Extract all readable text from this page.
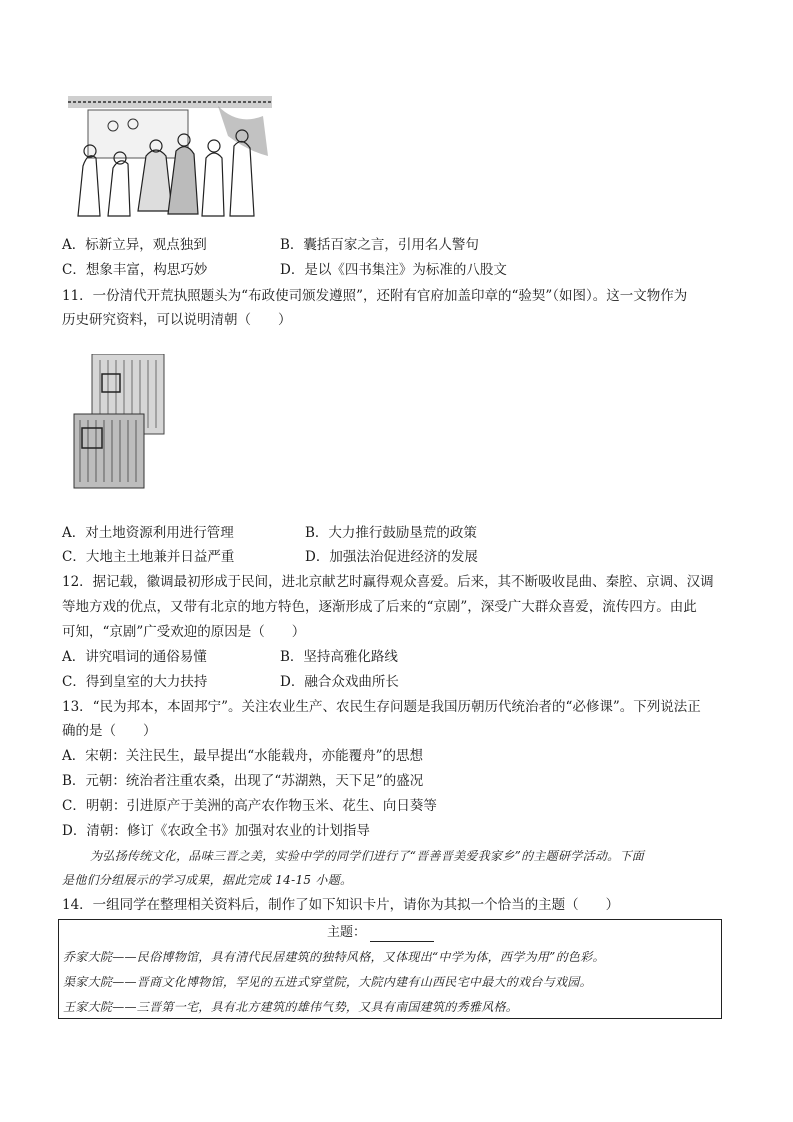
A．标新立异，观点独到	B．囊括百家之言，引用名人警句
C．想象丰富，构思巧妙	D．是以《四书集注》为标准的八股文
11．一份清代开荒执照题头为“布政使司颁发遵照”，还附有官府加盖印章的“验契”（如图）。这一文物作为
历史研究资料，可以说明清朝（　　）
A．对土地资源利用进行管理	B．大力推行鼓励垦荒的政策
C．大地主土地兼并日益严重	D．加强法治促进经济的发展
12．据记载，徽调最初形成于民间，进北京献艺时赢得观众喜爱。后来，其不断吸收昆曲、秦腔、京调、汉调
等地方戏的优点，又带有北京的地方特色，逐渐形成了后来的“京剧”，深受广大群众喜爱，流传四方。由此
可知，“京剧”广受欢迎的原因是（　　）
A．讲究唱词的通俗易懂	B．坚持高雅化路线
C．得到皇室的大力扶持	D．融合众戏曲所长
13．“民为邦本，本固邦宁”。关注农业生产、农民生存问题是我国历朝历代统治者的“必修课”。下列说法正
确的是（　　）
A．宋朝：关注民生，最早提出“水能载舟，亦能覆舟”的思想
B．元朝：统治者注重农桑，出现了“苏湖熟，天下足”的盛况
C．明朝：引进原产于美洲的高产农作物玉米、花生、向日葵等
D．清朝：修订《农政全书》加强对农业的计划指导
为弘扬传统文化，品味三晋之美，实验中学的同学们进行了“晋善晋美爱我家乡”的主题研学活动。下面
是他们分组展示的学习成果，据此完成 14-15 小题。
14．一组同学在整理相关资料后，制作了如下知识卡片，请你为其拟一个恰当的主题（　　）
主题：
乔家大院——民俗博物馆，具有清代民居建筑的独特风格，又体现出“中学为体，西学为用”的色彩。
渠家大院——晋商文化博物馆，罕见的五进式穿堂院，大院内建有山西民宅中最大的戏台与戏园。
王家大院——三晋第一宅，具有北方建筑的雄伟气势，又具有南国建筑的秀雅风格。
